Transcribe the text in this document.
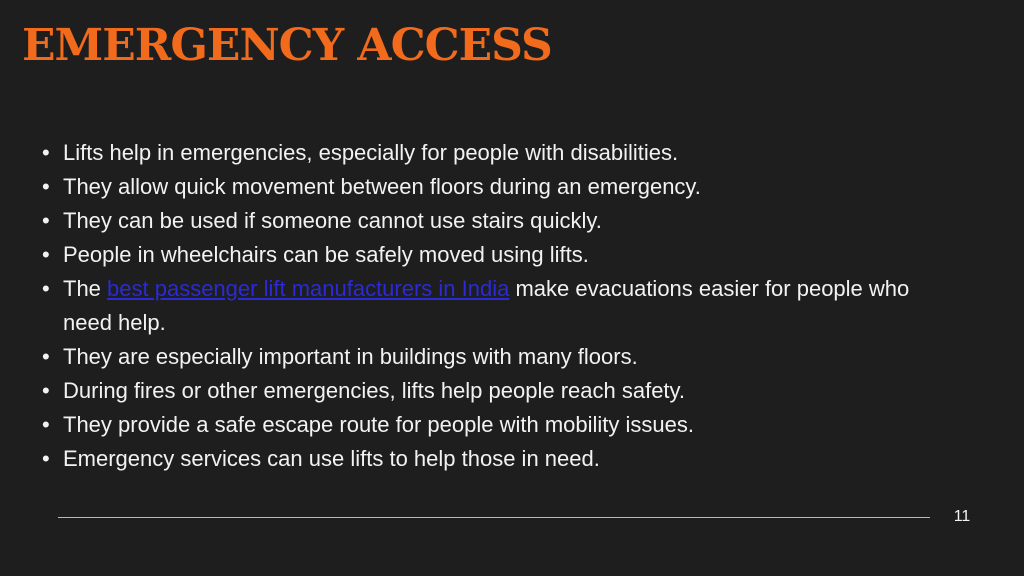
EMERGENCY ACCESS
• Lifts help in emergencies, especially for people with disabilities.
• They allow quick movement between floors during an emergency.
• They can be used if someone cannot use stairs quickly.
• People in wheelchairs can be safely moved using lifts.
• The best passenger lift manufacturers in India make evacuations easier for people who need help.
• They are especially important in buildings with many floors.
• During fires or other emergencies, lifts help people reach safety.
• They provide a safe escape route for people with mobility issues.
• Emergency services can use lifts to help those in need.
11
